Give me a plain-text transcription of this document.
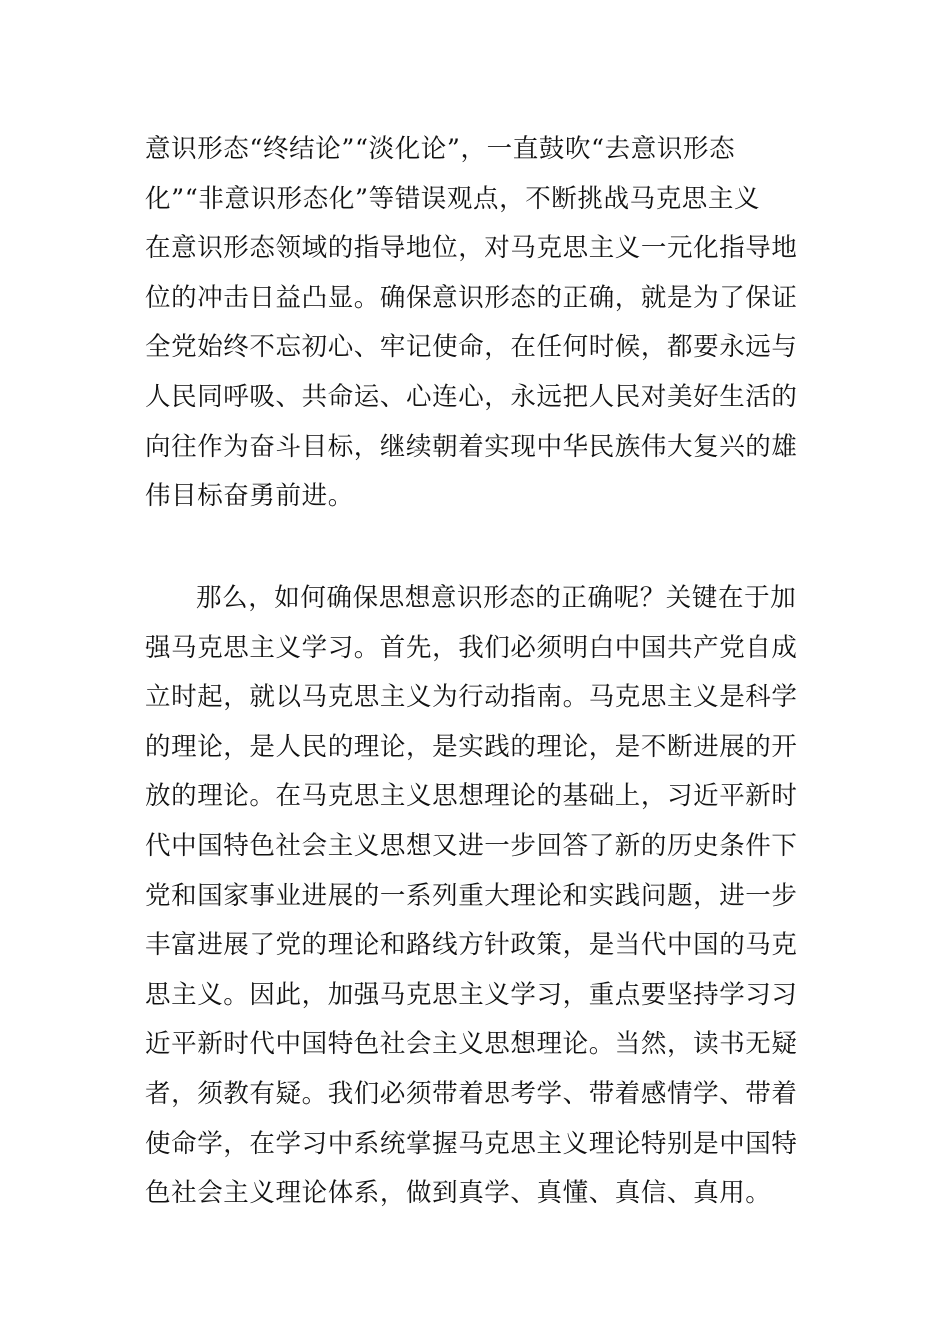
意识形态“终结论”“淡化论”，一直鼓吹“去意识形态
化”“非意识形态化”等错误观点，不断挑战马克思主义
在意识形态领域的指导地位，对马克思主义一元化指导地
位的冲击日益凸显。确保意识形态的正确，就是为了保证
全党始终不忘初心、牢记使命，在任何时候，都要永远与
人民同呼吸、共命运、心连心，永远把人民对美好生活的
向往作为奋斗目标，继续朝着实现中华民族伟大复兴的雄
伟目标奋勇前进。
那么，如何确保思想意识形态的正确呢？关键在于加
强马克思主义学习。首先，我们必须明白中国共产党自成
立时起，就以马克思主义为行动指南。马克思主义是科学
的理论，是人民的理论，是实践的理论，是不断进展的开
放的理论。在马克思主义思想理论的基础上，习近平新时
代中国特色社会主义思想又进一步回答了新的历史条件下
党和国家事业进展的一系列重大理论和实践问题，进一步
丰富进展了党的理论和路线方针政策，是当代中国的马克
思主义。因此，加强马克思主义学习，重点要坚持学习习
近平新时代中国特色社会主义思想理论。当然，读书无疑
者，须教有疑。我们必须带着思考学、带着感情学、带着
使命学，在学习中系统掌握马克思主义理论特别是中国特
色社会主义理论体系，做到真学、真懂、真信、真用。
